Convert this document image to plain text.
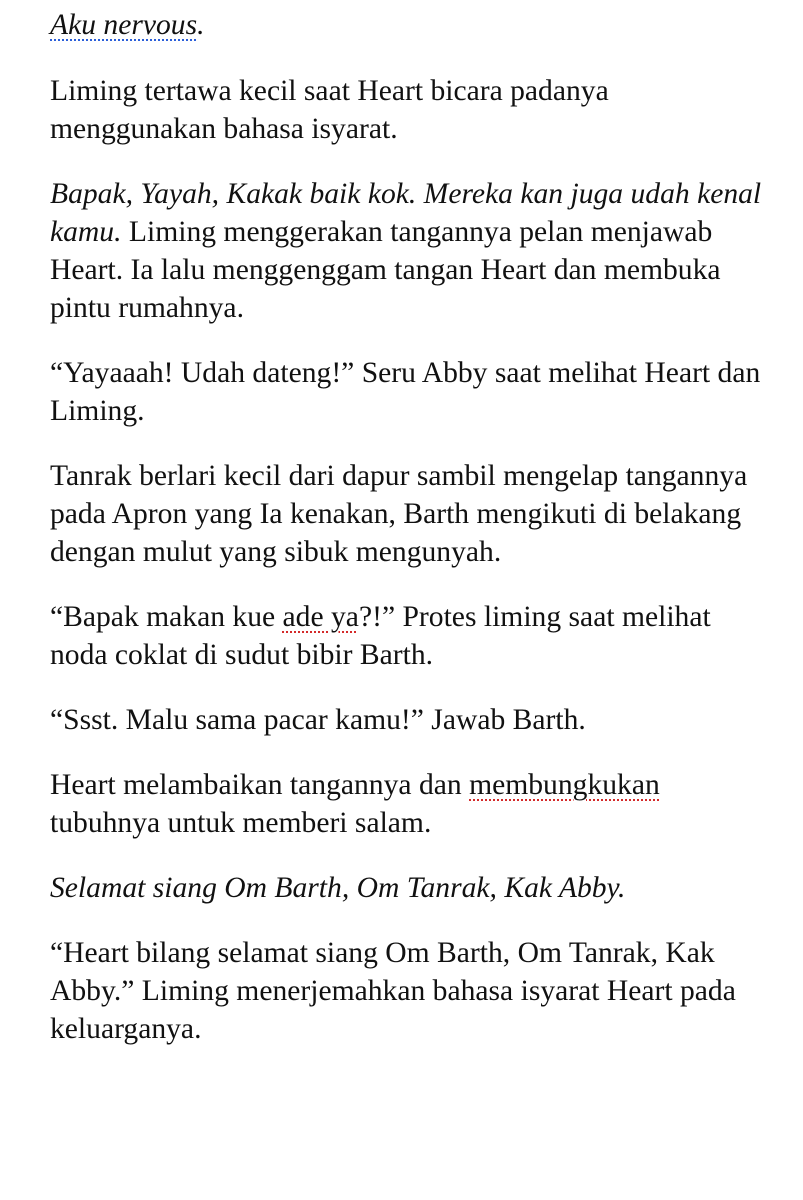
Aku nervous.

Liming tertawa kecil saat Heart bicara padanya menggunakan bahasa isyarat.

Bapak, Yayah, Kakak baik kok. Mereka kan juga udah kenal kamu. Liming menggerakan tangannya pelan menjawab Heart. Ia lalu menggenggam tangan Heart dan membuka pintu rumahnya.

“Yayaaah! Udah dateng!” Seru Abby saat melihat Heart dan Liming.

Tanrak berlari kecil dari dapur sambil mengelap tangannya pada Apron yang Ia kenakan, Barth mengikuti di belakang dengan mulut yang sibuk mengunyah.

“Bapak makan kue ade ya?!” Protes liming saat melihat noda coklat di sudut bibir Barth.

“Ssst. Malu sama pacar kamu!” Jawab Barth.

Heart melambaikan tangannya dan membungkukan tubuhnya untuk memberi salam.

Selamat siang Om Barth, Om Tanrak, Kak Abby.

“Heart bilang selamat siang Om Barth, Om Tanrak, Kak Abby.” Liming menerjemahkan bahasa isyarat Heart pada keluarganya.
